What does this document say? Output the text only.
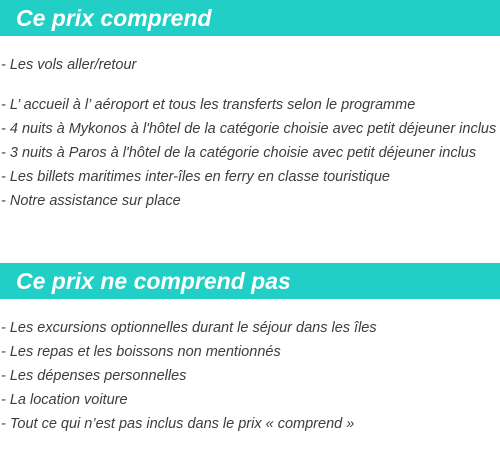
Ce prix comprend
- Les vols aller/retour
- L’ accueil à l’ aéroport et tous les transferts selon le programme
- 4 nuits à Mykonos à l'hôtel de la catégorie choisie avec petit déjeuner inclus
- 3 nuits à Paros à l'hôtel de la catégorie choisie avec petit déjeuner inclus
- Les billets maritimes inter-îles en ferry en classe touristique
- Notre assistance sur place
Ce prix ne comprend pas
- Les excursions optionnelles durant le séjour dans les îles
- Les repas et les boissons non mentionnés
- Les dépenses personnelles
- La location voiture
- Tout ce qui n’est pas inclus dans le prix « comprend »
